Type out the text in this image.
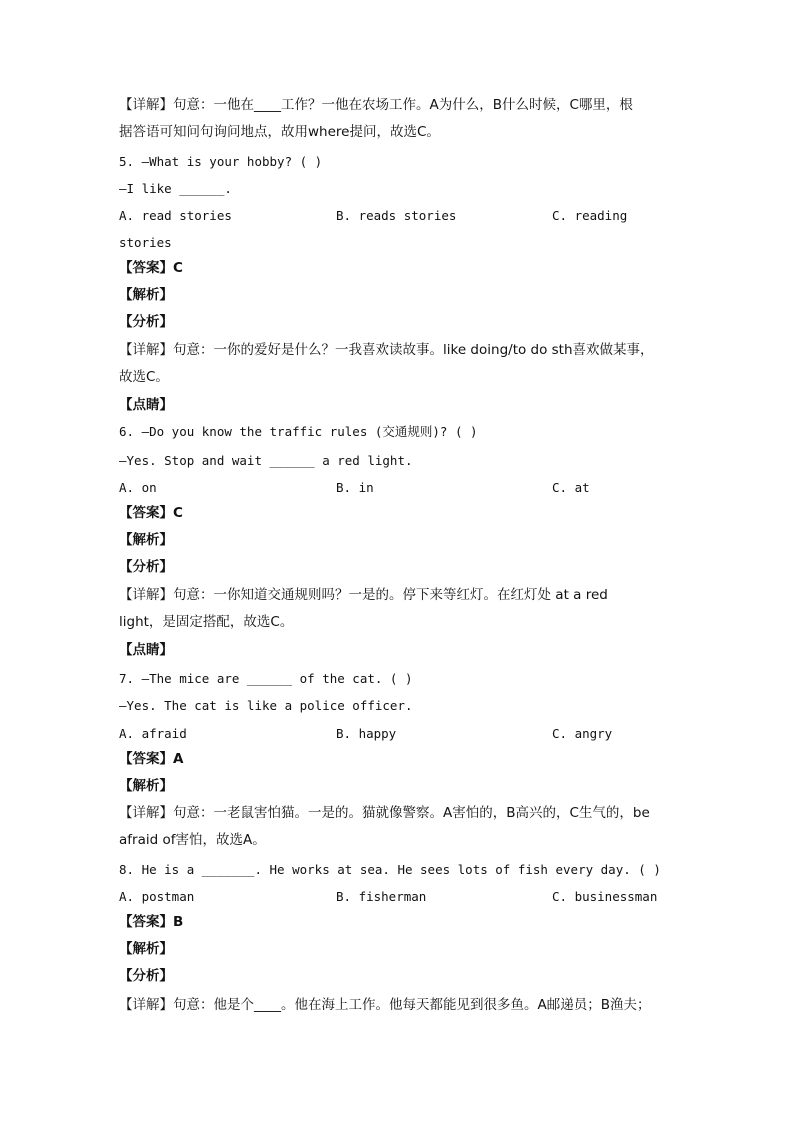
【详解】句意：一他在____工作？一他在农场工作。A为什么，B什么时候，C哪里，根
据答语可知问句询问地点，故用where提问，故选C。
5. —What is your hobby? ( )
—I like ______.
A. read stories	B. reads stories	C. reading
stories
【答案】C
【解析】
【分析】
【详解】句意：一你的爱好是什么？一我喜欢读故事。like doing/to do sth喜欢做某事，
故选C。
【点睛】
6. —Do you know the traffic rules (交通规则)? ( )
—Yes. Stop and wait ______ a red light.
A. on	B. in	C. at
【答案】C
【解析】
【分析】
【详解】句意：一你知道交通规则吗？一是的。停下来等红灯。在红灯处 at a red
light，是固定搭配，故选C。
【点睛】
7. —The mice are ______ of the cat. ( )
—Yes. The cat is like a police officer.
A. afraid	B. happy	C. angry
【答案】A
【解析】
【详解】句意：一老鼠害怕猫。一是的。猫就像警察。A害怕的，B高兴的，C生气的，be
afraid of害怕，故选A。
8. He is a _______. He works at sea. He sees lots of fish every day. ( )
A. postman	B. fisherman	C. businessman
【答案】B
【解析】
【分析】
【详解】句意：他是个____。他在海上工作。他每天都能见到很多鱼。A邮递员；B渔夫；
